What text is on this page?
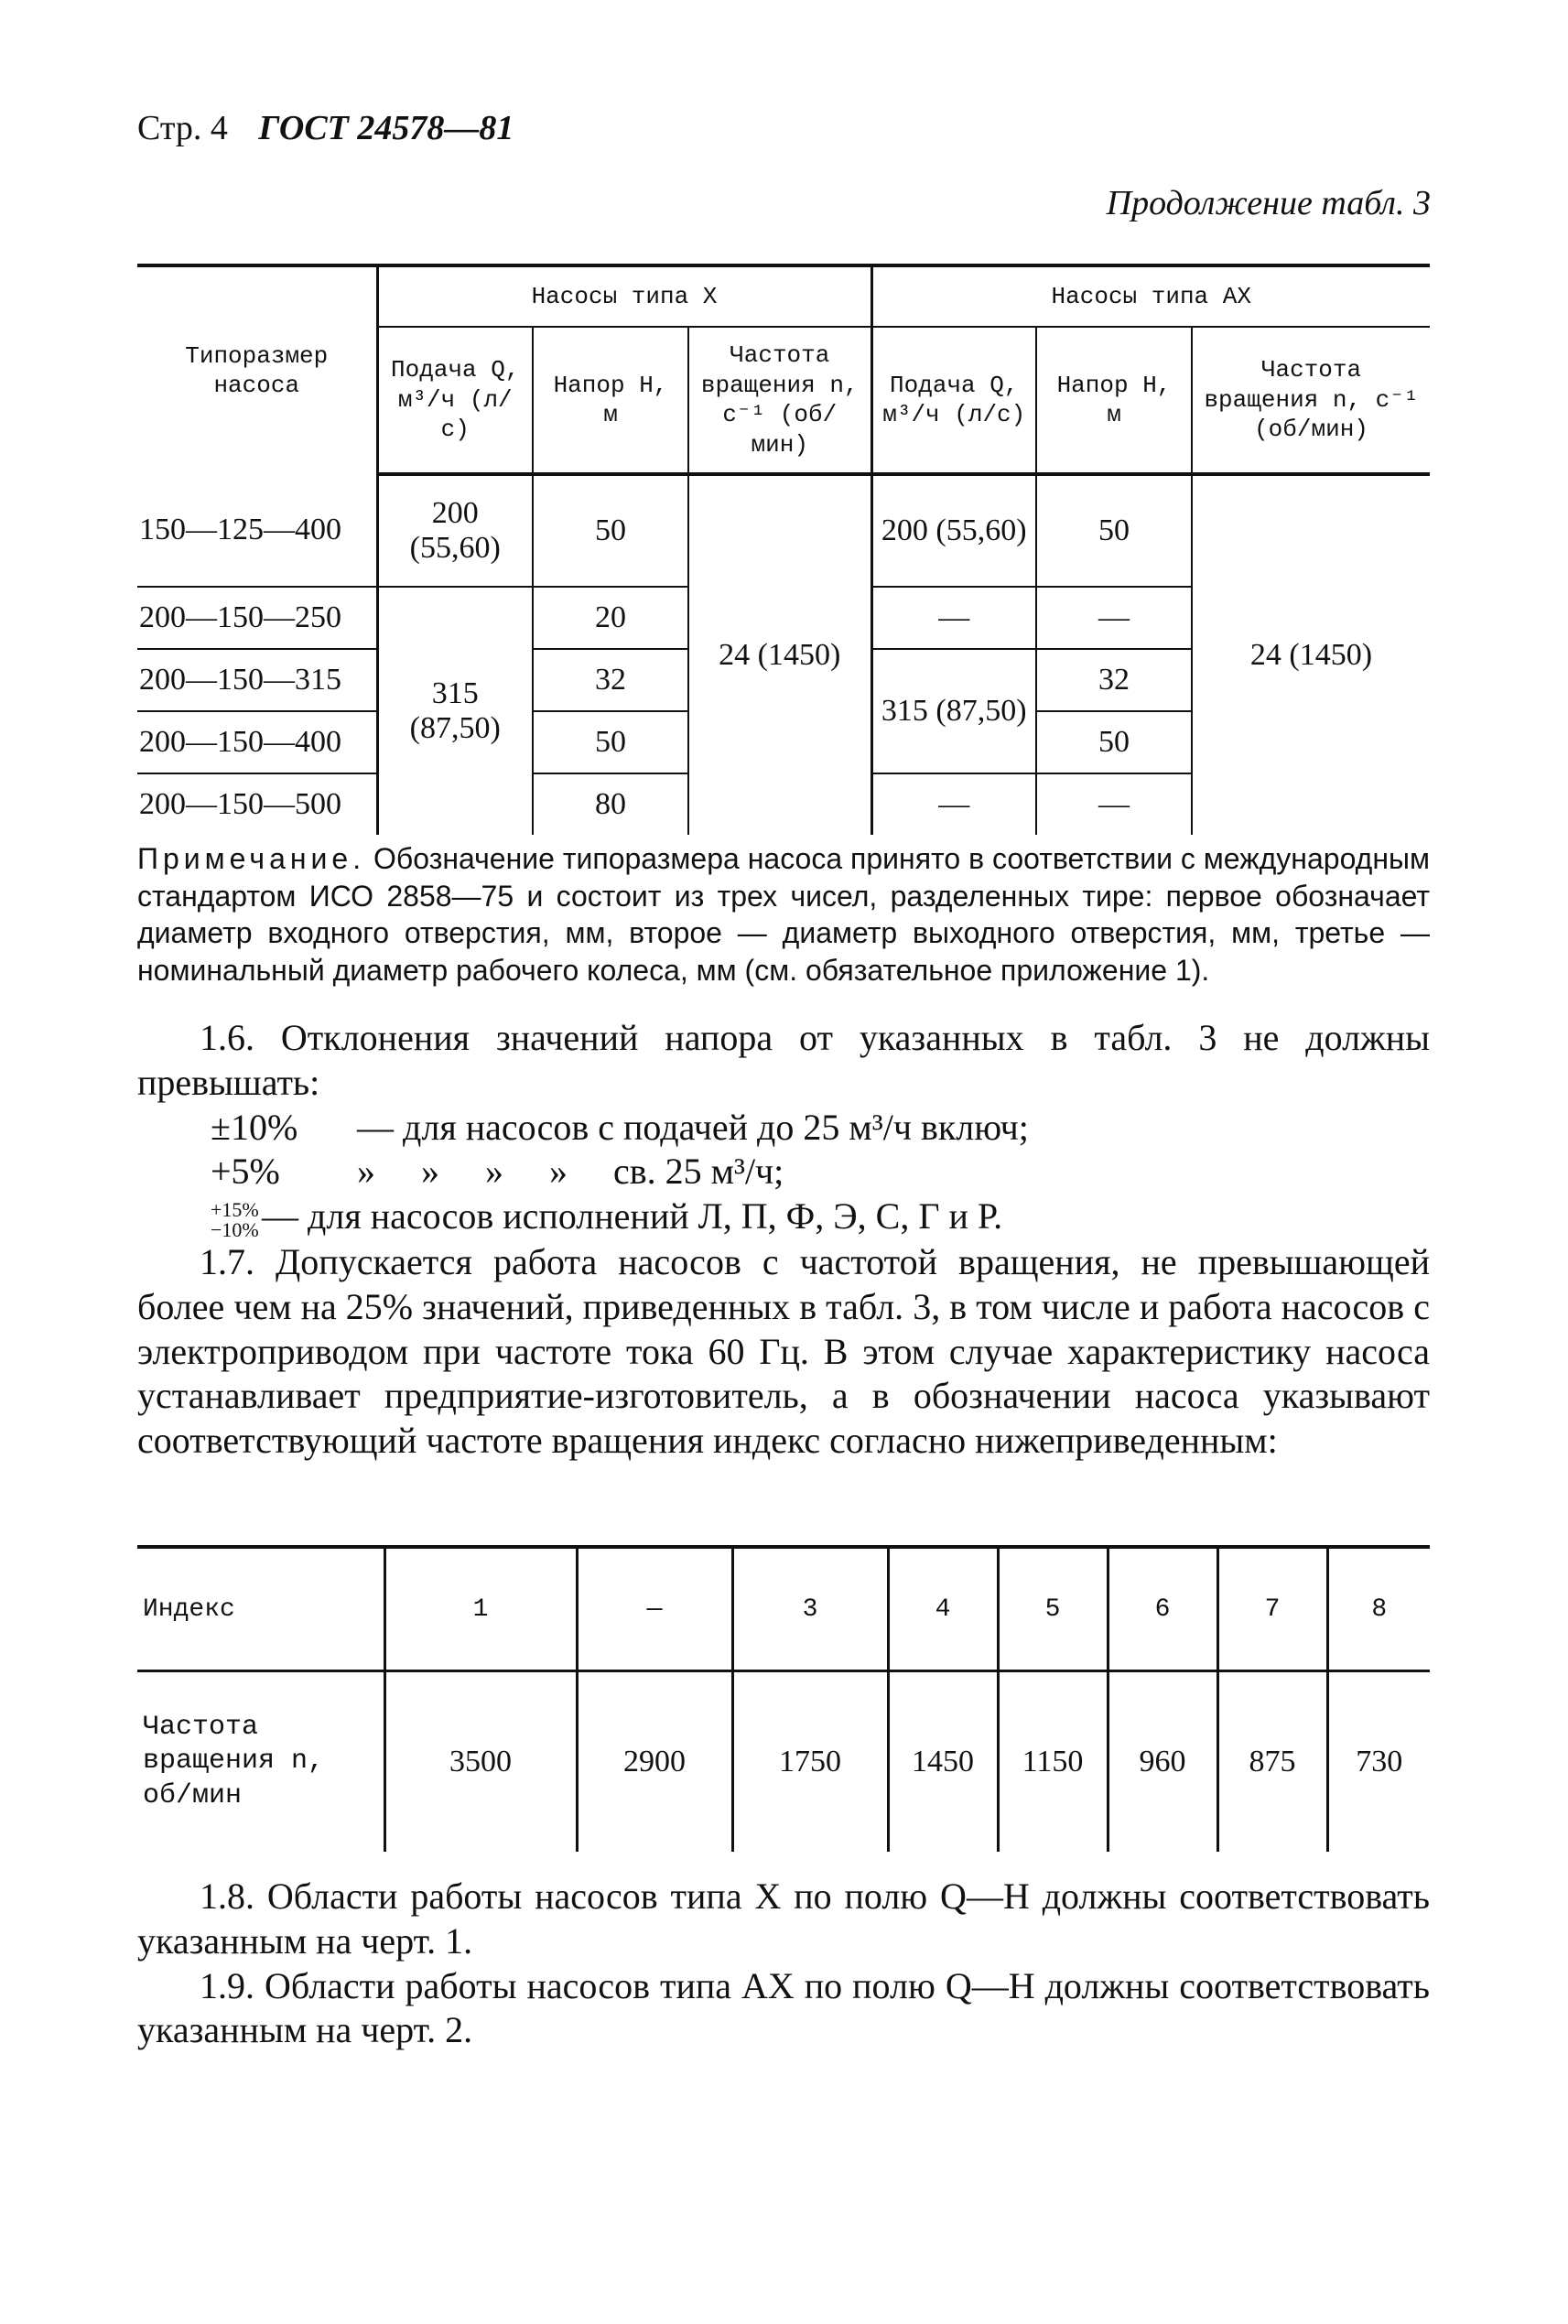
Стр. 4 ГОСТ 24578—81
Продолжение табл. 3
Типоразмер насоса	Насосы типа X			Насосы типа АХ		
	Подача Q, м³/ч (л/с)	Напор H, м	Частота вращения n, с⁻¹ (об/мин)	Подача Q, м³/ч (л/с)	Напор H, м	Частота вращения n, с⁻¹ (об/мин)
150—125—400	200 (55,60)	50	24 (1450)	200 (55,60)	50	24 (1450)
200—150—250	315 (87,50)	20		—	—	
200—150—315		32		315 (87,50)	32	
200—150—400		50			50	
200—150—500		80		—	—	
Примечание. Обозначение типоразмера насоса принято в соответствии с международным стандартом ИСО 2858—75 и состоит из трех чисел, разделенных тире: первое обозначает диаметр входного отверстия, мм, второе — диаметр выходного отверстия, мм, третье — номинальный диаметр рабочего колеса, мм (см. обязательное приложение 1).
1.6. Отклонения значений напора от указанных в табл. 3 не должны превышать:
±10% — для насосов с подачей до 25 м³/ч включ;
+5% »     »     »     »     св. 25 м³/ч;
+15%
−10% — для насосов исполнений Л, П, Ф, Э, С, Г и Р.
1.7. Допускается работа насосов с частотой вращения, не превышающей более чем на 25% значений, приведенных в табл. 3, в том числе и работа насосов с электроприводом при частоте тока 60 Гц. В этом случае характеристику насоса устанавливает предприятие-изготовитель, а в обозначении насоса указывают соответствующий частоте вращения индекс согласно нижеприведенным:
Индекс	1	—	3	4	5	6	7	8
Частота вращения n, об/мин	3500	2900	1750	1450	1150	960	875	730
1.8. Области работы насосов типа X по полю Q—H должны соответствовать указанным на черт. 1.
1.9. Области работы насосов типа АХ по полю Q—H должны соответствовать указанным на черт. 2.
